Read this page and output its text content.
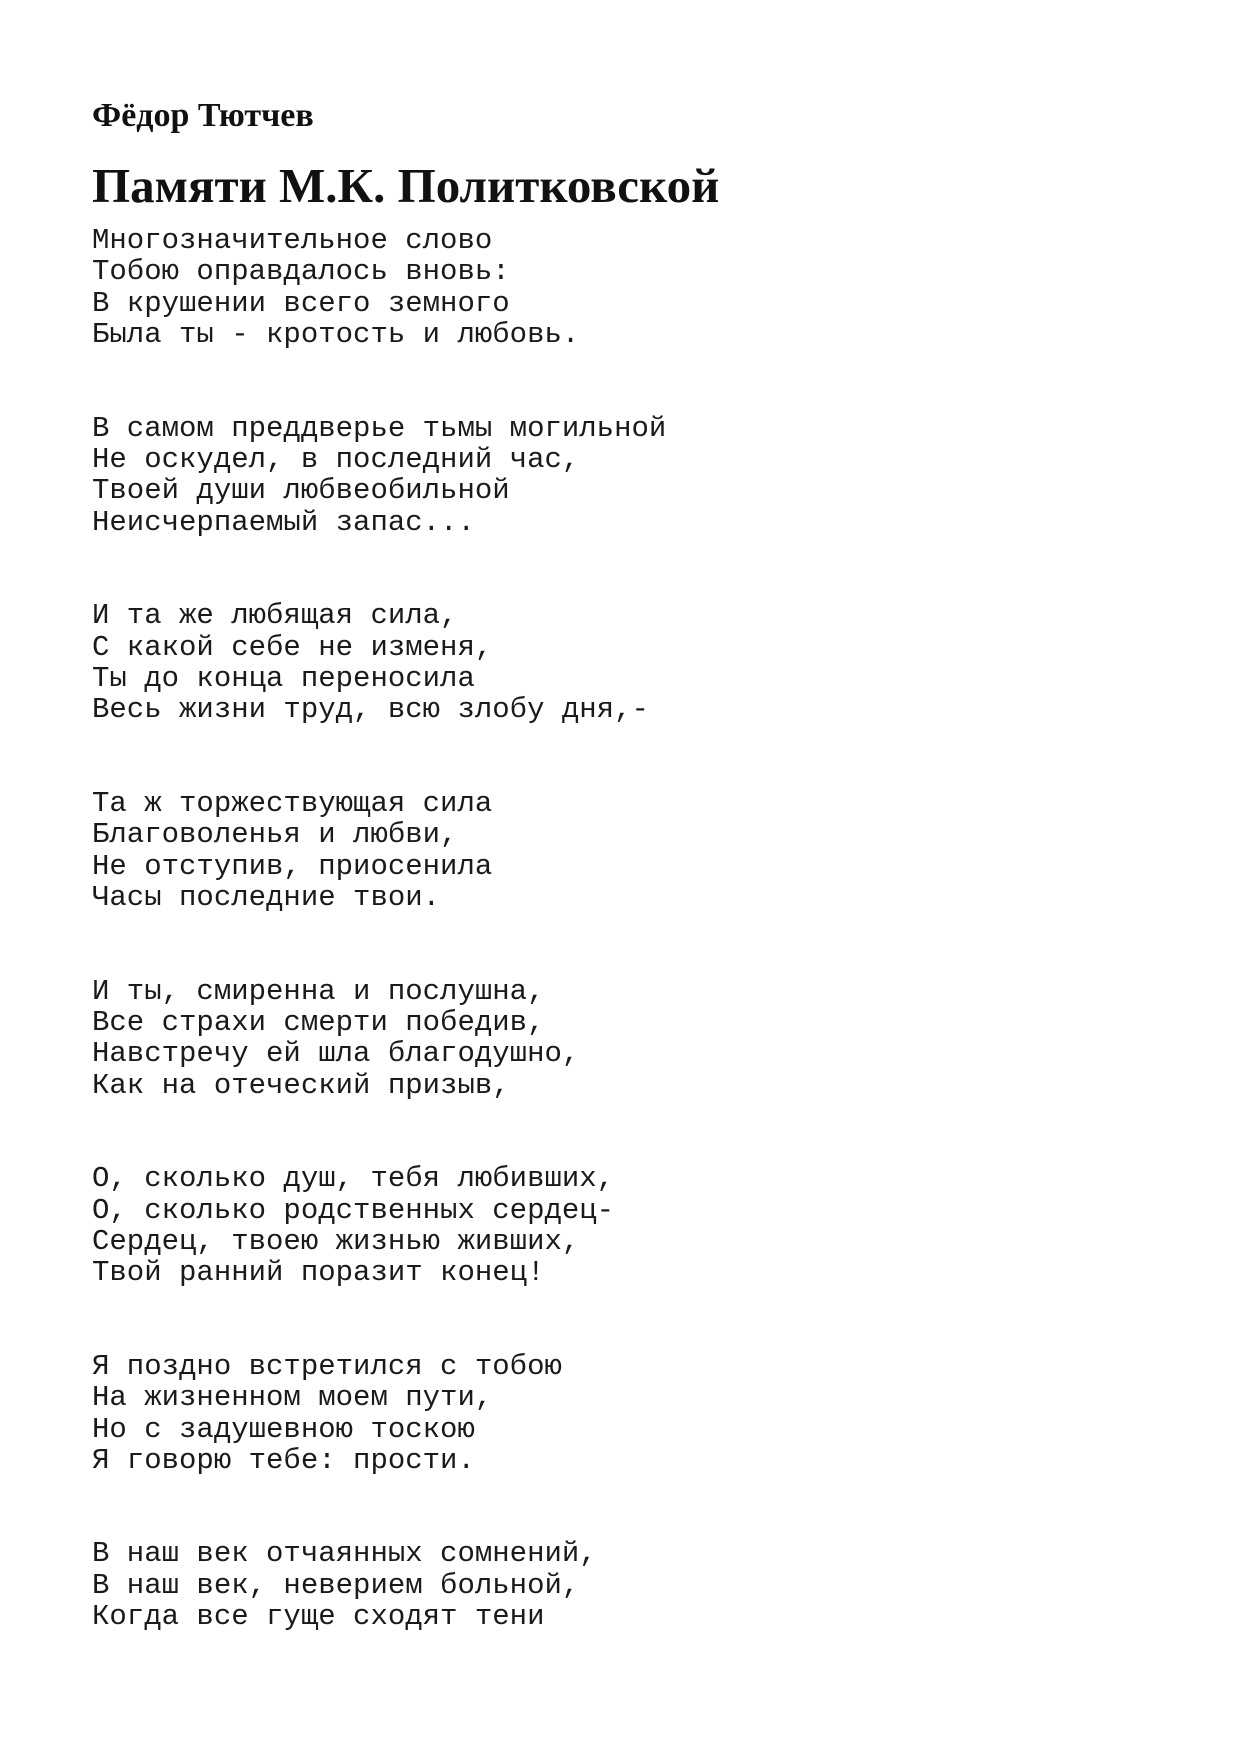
Фёдор Тютчев
Памяти М.К. Политковской
Многозначительное слово
Тобою оправдалось вновь:
В крушении всего земного
Была ты - кротость и любовь.
В самом преддверье тьмы могильной
Не оскудел, в последний час,
Твоей души любвеобильной
Неисчерпаемый запас...
И та же любящая сила,
С какой себе не изменя,
Ты до конца переносила
Весь жизни труд, всю злобу дня,-
Та ж торжествующая сила
Благоволенья и любви,
Не отступив, приосенила
Часы последние твои.
И ты, смиренна и послушна,
Все страхи смерти победив,
Навстречу ей шла благодушно,
Как на отеческий призыв,
О, сколько душ, тебя любивших,
О, сколько родственных сердец-
Сердец, твоею жизнью живших,
Твой ранний поразит конец!
Я поздно встретился с тобою
На жизненном моем пути,
Но с задушевною тоскою
Я говорю тебе: прости.
В наш век отчаянных сомнений,
В наш век, неверием больной,
Когда все гуще сходят тени
